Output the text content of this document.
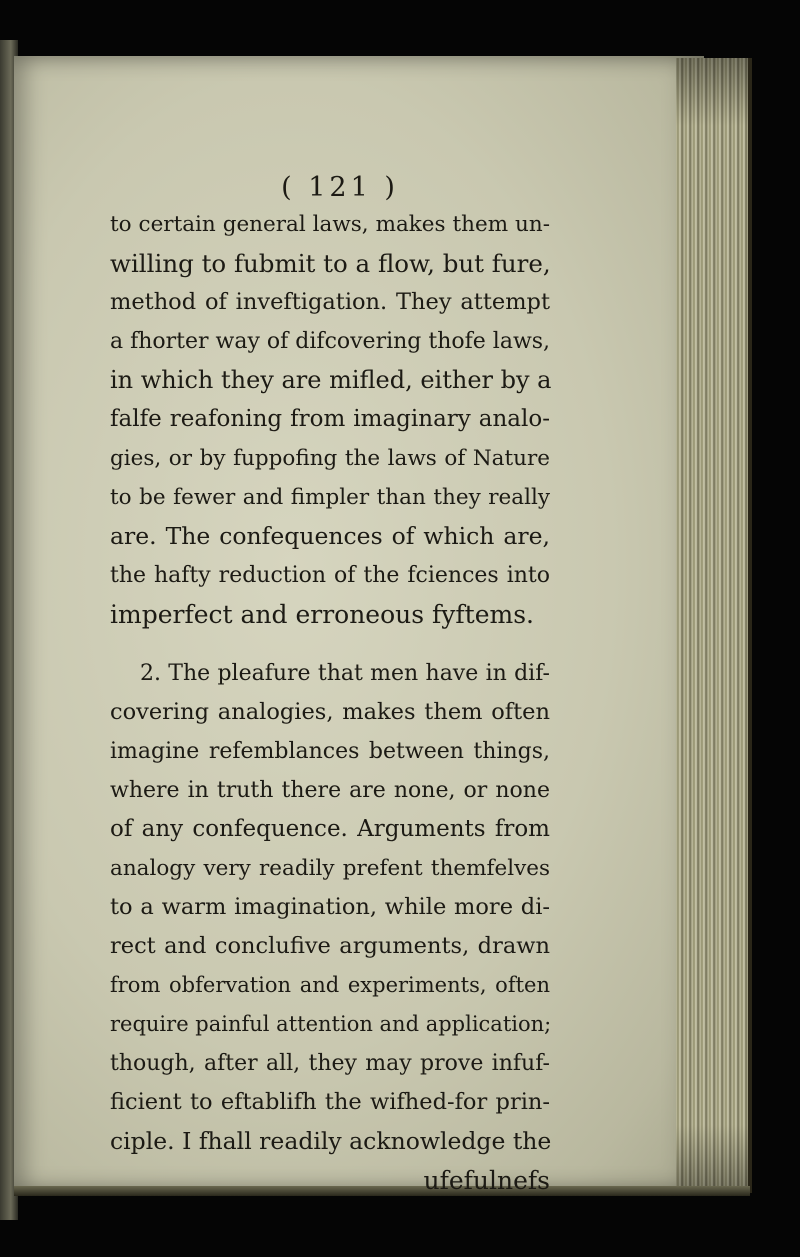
( 121 )
to certain general laws, makes them un-
willing to fubmit to a flow, but fure,
method of inveftigation. They attempt
a fhorter way of difcovering thofe laws,
in which they are mifled, either by a
falfe reafoning from imaginary analo-
gies, or by fuppofing the laws of Nature
to be fewer and fimpler than they really
are. The confequences of which are,
the hafty reduction of the fciences into
imperfect and erroneous fyftems.
2. The pleafure that men have in dif-
covering analogies, makes them often
imagine refemblances between things,
where in truth there are none, or none
of any confequence. Arguments from
analogy very readily prefent themfelves
to a warm imagination, while more di-
rect and conclufive arguments, drawn
from obfervation and experiments, often
require painful attention and application;
though, after all, they may prove infuf-
ficient to eftablifh the wifhed-for prin-
ciple. I fhall readily acknowledge the
ufefulnefs
